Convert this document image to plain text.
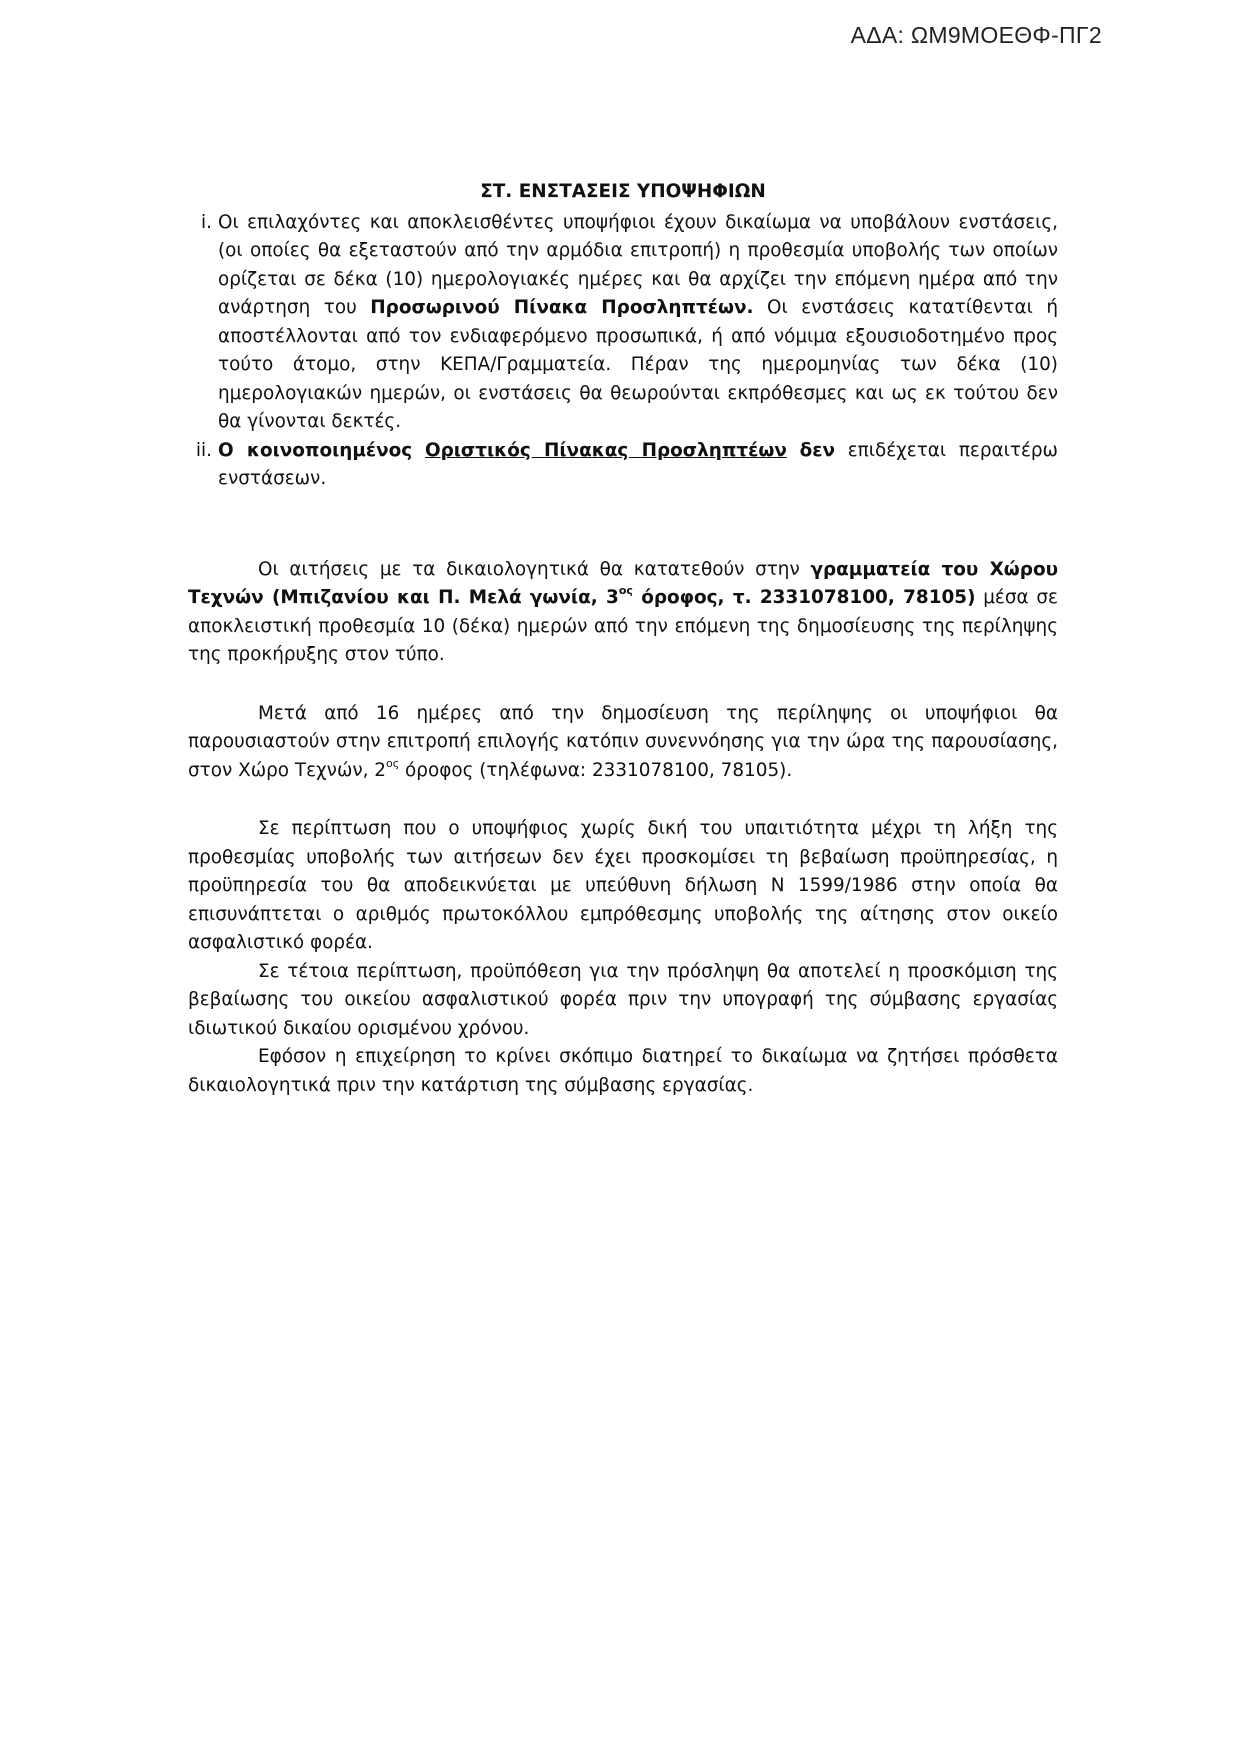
ΑΔΑ: ΩΜ9ΜΟΕΘΦ-ΠΓ2

ΣΤ. ΕΝΣΤΑΣΕΙΣ ΥΠΟΨΗΦΙΩΝ

i. Οι επιλαχόντες και αποκλεισθέντες υποψήφιοι έχουν δικαίωμα να υποβάλουν ενστάσεις, (οι οποίες θα εξεταστούν από την αρμόδια επιτροπή) η προθεσμία υποβολής των οποίων ορίζεται σε δέκα (10) ημερολογιακές ημέρες και θα αρχίζει την επόμενη ημέρα από την ανάρτηση του Προσωρινού Πίνακα Προσληπτέων. Οι ενστάσεις κατατίθενται ή αποστέλλονται από τον ενδιαφερόμενο προσωπικά, ή από νόμιμα εξουσιοδοτημένο προς τούτο άτομο, στην ΚΕΠΑ/Γραμματεία. Πέραν της ημερομηνίας των δέκα (10) ημερολογιακών ημερών, οι ενστάσεις θα θεωρούνται εκπρόθεσμες και ως εκ τούτου δεν θα γίνονται δεκτές.

ii. Ο κοινοποιημένος Οριστικός Πίνακας Προσληπτέων δεν επιδέχεται περαιτέρω ενστάσεων.

Οι αιτήσεις με τα δικαιολογητικά θα κατατεθούν στην γραμματεία του Χώρου Τεχνών (Μπιζανίου και Π. Μελά γωνία, $3^{o\varsigma}$ όροφος, τ. 2331078100, 78105) μέσα σε αποκλειστική προθεσμία 10 (δέκα) ημερών από την επόμενη της δημοσίευσης της περίληψης της προκήρυξης στον τύπο.

Μετά από 16 ημέρες από την δημοσίευση της περίληψης οι υποψήφιοι θα παρουσιαστούν στην επιτροπή επιλογής κατόπιν συνεννόησης για την ώρα της παρουσίασης, στον Χώρο Τεχνών, $2^{o\varsigma}$ όροφος (τηλέφωνα: 2331078100, 78105).

Σε περίπτωση που ο υποψήφιος χωρίς δική του υπαιτιότητα μέχρι τη λήξη της προθεσμίας υποβολής των αιτήσεων δεν έχει προσκομίσει τη βεβαίωση προϋπηρεσίας, η προϋπηρεσία του θα αποδεικνύεται με υπεύθυνη δήλωση Ν 1599/1986 στην οποία θα επισυνάπτεται ο αριθμός πρωτοκόλλου εμπρόθεσμης υποβολής της αίτησης στον οικείο ασφαλιστικό φορέα.

Σε τέτοια περίπτωση, προϋπόθεση για την πρόσληψη θα αποτελεί η προσκόμιση της βεβαίωσης του οικείου ασφαλιστικού φορέα πριν την υπογραφή της σύμβασης εργασίας ιδιωτικού δικαίου ορισμένου χρόνου.

Εφόσον η επιχείρηση το κρίνει σκόπιμο διατηρεί το δικαίωμα να ζητήσει πρόσθετα δικαιολογητικά πριν την κατάρτιση της σύμβασης εργασίας.
